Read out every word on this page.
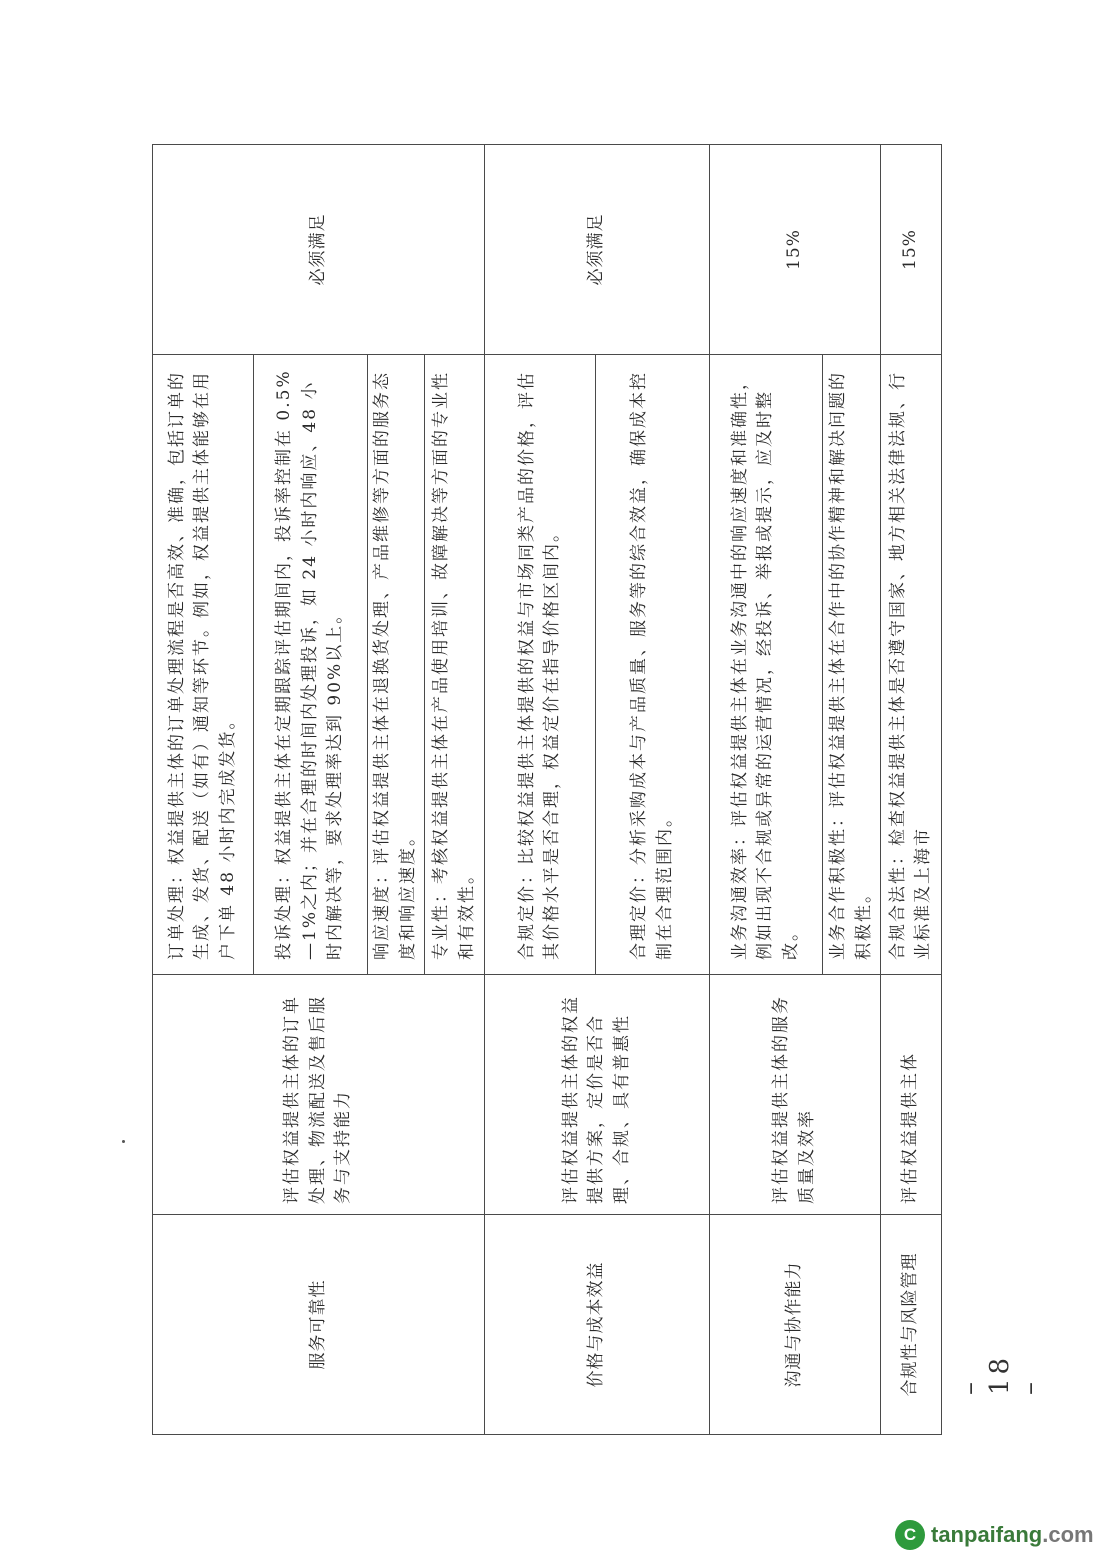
服务可靠性	评估权益提供主体的订单处理、物流配送及售后服务与支持能力	订单处理：权益提供主体的订单处理流程是否高效、准确，包括订单的生成、发货、配送（如有）通知等环节。例如，权益提供主体能够在用户下单 48 小时内完成发货。	必须满足
		投诉处理：权益提供主体在定期跟踪评估期间内，投诉率控制在 0.5%—1%之内；并在合理的时间内处理投诉，如 24 小时内响应、48 小时内解决等，要求处理率达到 90%以上。	
		响应速度：评估权益提供主体在退换货处理、产品维修等方面的服务态度和响应速度。	
		专业性：考核权益提供主体在产品使用培训、故障解决等方面的专业性和有效性。	
价格与成本效益	评估权益提供主体的权益提供方案，定价是否合理、合规、具有普惠性	合规定价：比较权益提供主体提供的权益与市场同类产品的价格，评估其价格水平是否合理，权益定价在指导价格区间内。	必须满足
		合理定价：分析采购成本与产品质量、服务等的综合效益，确保成本控制在合理范围内。	
沟通与协作能力	评估权益提供主体的服务质量及效率	业务沟通效率：评估权益提供主体在业务沟通中的响应速度和准确性，例如出现不合规或异常的运营情况，经投诉、举报或提示，应及时整改。	15%
		业务合作积极性：评估权益提供主体在合作中的协作精神和解决问题的积极性。	
合规性与风险管理	评估权益提供主体	合规合法性：检查权益提供主体是否遵守国家、地方相关法律法规、行业标准及上海市	15%
– 18 –
C tanpaifang.com
